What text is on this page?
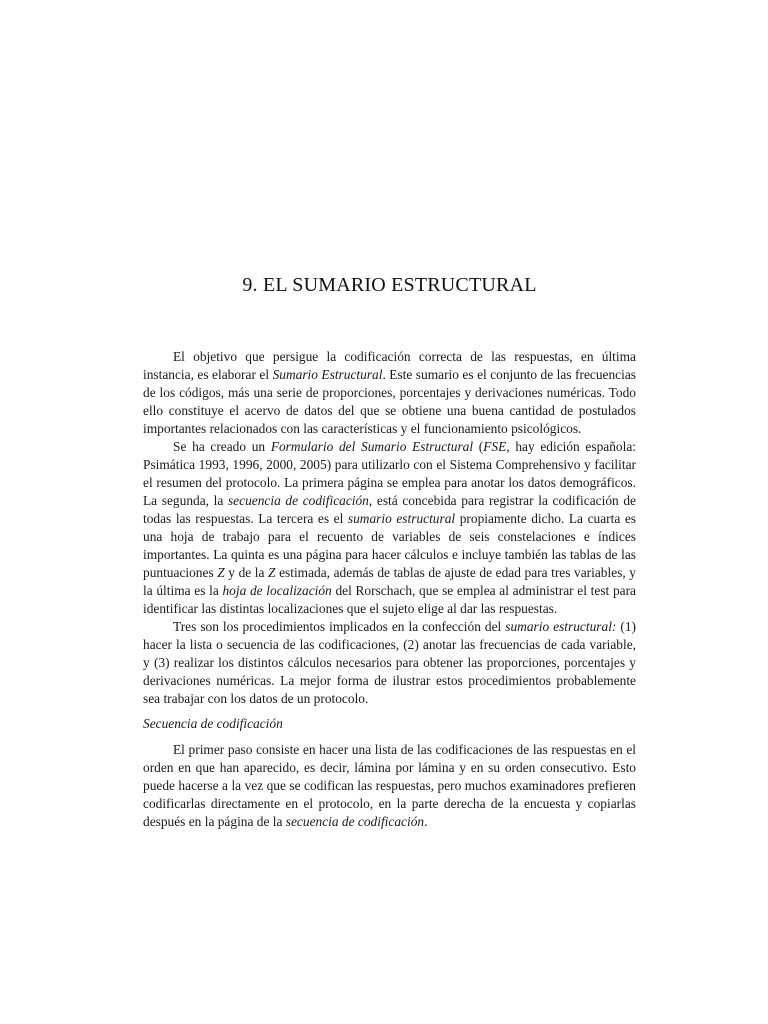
9. EL SUMARIO ESTRUCTURAL

El objetivo que persigue la codificación correcta de las respuestas, en última instancia, es elaborar el Sumario Estructural. Este sumario es el conjunto de las frecuencias de los códigos, más una serie de proporciones, porcentajes y derivaciones numéricas. Todo ello constituye el acervo de datos del que se obtiene una buena cantidad de postulados importantes relacionados con las características y el funcionamiento psicológicos.

Se ha creado un Formulario del Sumario Estructural (FSE, hay edición española: Psimática 1993, 1996, 2000, 2005) para utilizarlo con el Sistema Comprehensivo y facilitar el resumen del protocolo. La primera página se emplea para anotar los datos demográficos. La segunda, la secuencia de codificación, está concebida para registrar la codificación de todas las respuestas. La tercera es el sumario estructural propiamente dicho. La cuarta es una hoja de trabajo para el recuento de variables de seis constelaciones e índices importantes. La quinta es una página para hacer cálculos e incluye también las tablas de las puntuaciones Z y de la Z estimada, además de tablas de ajuste de edad para tres variables, y la última es la hoja de localización del Rorschach, que se emplea al administrar el test para identificar las distintas localizaciones que el sujeto elige al dar las respuestas.

Tres son los procedimientos implicados en la confección del sumario estructural: (1) hacer la lista o secuencia de las codificaciones, (2) anotar las frecuencias de cada variable, y (3) realizar los distintos cálculos necesarios para obtener las proporciones, porcentajes y derivaciones numéricas. La mejor forma de ilustrar estos procedimientos probablemente sea trabajar con los datos de un protocolo.

Secuencia de codificación

El primer paso consiste en hacer una lista de las codificaciones de las respuestas en el orden en que han aparecido, es decir, lámina por lámina y en su orden consecutivo. Esto puede hacerse a la vez que se codifican las respuestas, pero muchos examinadores prefieren codificarlas directamente en el protocolo, en la parte derecha de la encuesta y copiarlas después en la página de la secuencia de codificación.
